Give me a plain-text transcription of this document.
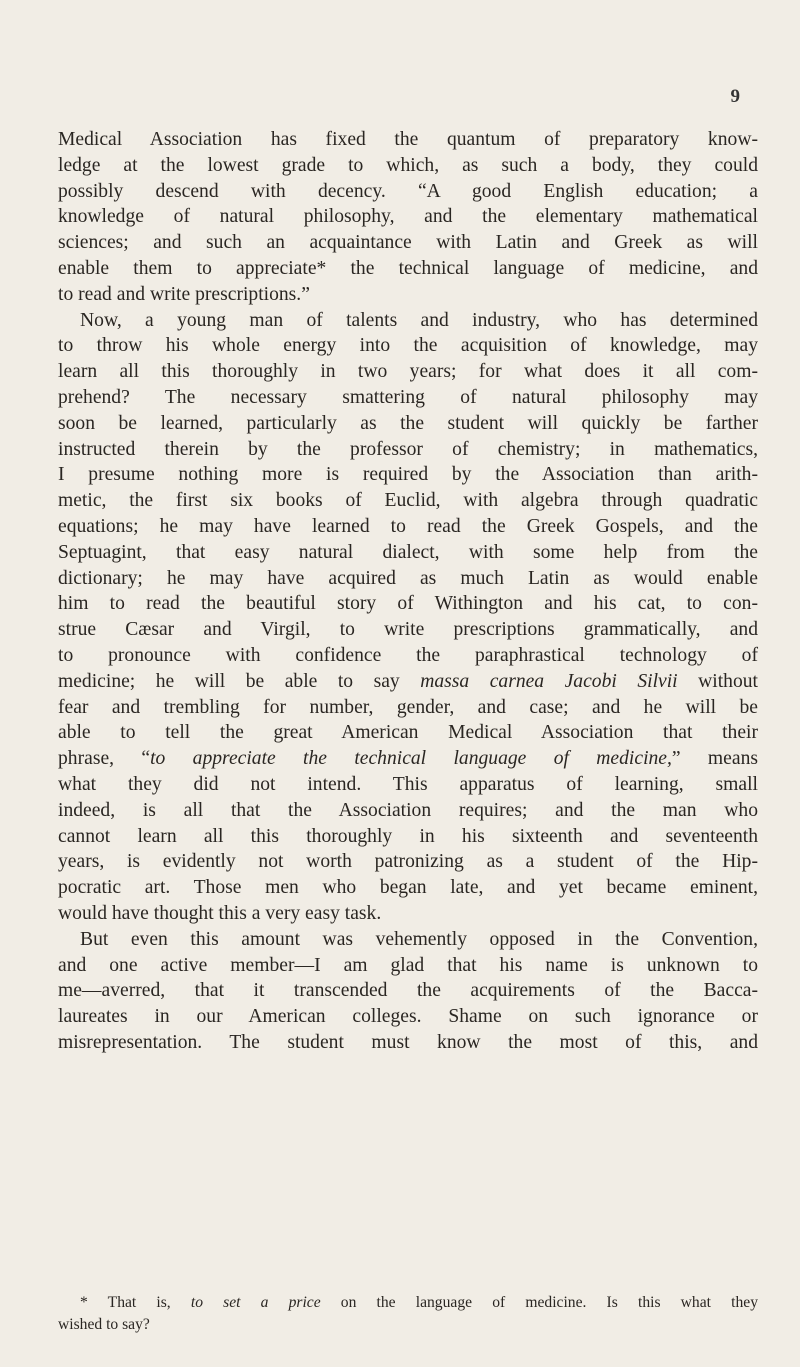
9
Medical Association has fixed the quantum of preparatory know-
ledge at the lowest grade to which, as such a body, they could
possibly descend with decency. “A good English education; a
knowledge of natural philosophy, and the elementary mathematical
sciences; and such an acquaintance with Latin and Greek as will
enable them to appreciate* the technical language of medicine, and
to read and write prescriptions.”
Now, a young man of talents and industry, who has determined
to throw his whole energy into the acquisition of knowledge, may
learn all this thoroughly in two years; for what does it all com-
prehend? The necessary smattering of natural philosophy may
soon be learned, particularly as the student will quickly be farther
instructed therein by the professor of chemistry; in mathematics,
I presume nothing more is required by the Association than arith-
metic, the first six books of Euclid, with algebra through quadratic
equations; he may have learned to read the Greek Gospels, and the
Septuagint, that easy natural dialect, with some help from the
dictionary; he may have acquired as much Latin as would enable
him to read the beautiful story of Withington and his cat, to con-
strue Cæsar and Virgil, to write prescriptions grammatically, and
to pronounce with confidence the paraphrastical technology of
medicine; he will be able to say massa carnea Jacobi Silvii without
fear and trembling for number, gender, and case; and he will be
able to tell the great American Medical Association that their
phrase, “to appreciate the technical language of medicine,” means
what they did not intend. This apparatus of learning, small
indeed, is all that the Association requires; and the man who
cannot learn all this thoroughly in his sixteenth and seventeenth
years, is evidently not worth patronizing as a student of the Hip-
pocratic art. Those men who began late, and yet became eminent,
would have thought this a very easy task.
But even this amount was vehemently opposed in the Convention,
and one active member—I am glad that his name is unknown to
me—averred, that it transcended the acquirements of the Bacca-
laureates in our American colleges. Shame on such ignorance or
misrepresentation. The student must know the most of this, and
* That is, to set a price on the language of medicine. Is this what they
wished to say?
